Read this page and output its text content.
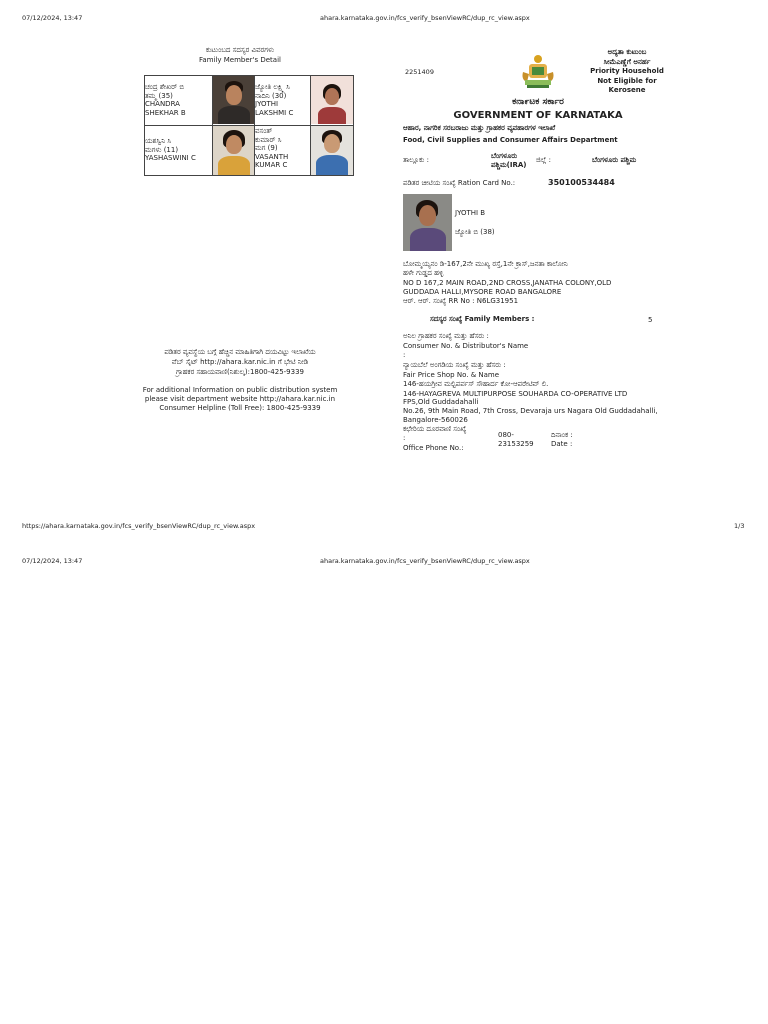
07/12/2024, 13:47	ahara.karnataka.gov.in/fcs_verify_bsenViewRC/dup_rc_view.aspx
ಕುಟುಂಬದ ಸದಸ್ಯರ ವಿವರಗಳು
Family Member's Detail
ಚಂದ್ರ ಶೇಖರ್ ಬಿ
ತಮ್ಮ (35)
CHANDRA
SHEKHAR B
ಜ್ಯೋತಿ ಲಕ್ಷ್ಮಿ ಸಿ
ನಾದಿನಿ (30)
JYOTHI
LAKSHMI C
ಯಶಸ್ವಿನಿ ಸಿ
ಮಗಳು (11)
YASHASWINI C
ವಸಂತ್
ಕುಮಾರ್ ಸಿ
ಮಗ (9)
VASANTH
KUMAR C
ಪಡಿತರ ವ್ಯವಸ್ಥೆಯ ಬಗ್ಗೆ ಹೆಚ್ಚಿನ ಮಾಹಿತಿಗಾಗಿ ದಯವಿಟ್ಟು ಇಲಾಖೆಯ
ವೆಬ್ ಸೈಟ್ http://ahara.kar.nic.in ಗೆ ಭೇಟಿ ನೀಡಿ
ಗ್ರಾಹಕರ ಸಹಾಯವಾಣಿ(ನಿಶುಲ್ಕ):1800-425-9339
For additional Information on public distribution system
please visit department website http://ahara.kar.nic.in
Consumer Helpline (Toll Free): 1800-425-9339
2251409
ಅದ್ಯತಾ ಕುಟುಂಬ
ಸೀಮೆಎಣ್ಣೆಗೆ ಅನರ್ಹ
Priority Household
Not Eligible for
Kerosene
ಕನಾ೯ಟಕ ಸರ್ಕಾರ
GOVERNMENT OF KARNATAKA
ಆಹಾರ, ನಾಗರಿಕ ಸರಬರಾಜು ಮತ್ತು ಗ್ರಾಹಕರ ವ್ಯವಹಾರಗಳ ಇಲಾಖೆ
Food, Civil Supplies and Consumer Affairs Department
ತಾಲ್ಲೂಕು :	ಬೆಂಗಳೂರು
ಪಶ್ಚಿಮ(IRA)
ಜಿಲ್ಲೆ :	ಬೆಂಗಳೂರು ಪಶ್ಚಿಮ
ಪಡಿತರ ಚೀಟಿಯ ಸಂಖ್ಯೆ Ration Card No.:	350100534484
JYOTHI B
ಜ್ಯೋತಿ ಬಿ (38)
ಬೋಮ್ಮಯ್ಯನಂ ಡಿ-167,2ನೇ ಮುಖ್ಯ ರಸ್ತೆ,1ನೇ ಕ್ರಾಸ್,ಜನತಾ ಕಾಲೋನಿ
ಹಳೇ ಗುಡ್ಡದ ಹಳ್ಳಿ
NO D 167,2 MAIN ROAD,2ND CROSS,JANATHA COLONY,OLD
GUDDADA HALLI,MYSORE ROAD BANGALORE
ಆರ್. ಆರ್. ಸಂಖ್ಯೆ RR No : N6LG31951
ಸದಸ್ಯರ ಸಂಖ್ಯೆ Family Members :	5
ಅನಿಲ ಗ್ರಾಹಕರ ಸಂಖ್ಯೆ ಮತ್ತು ಹೆಸರು :
Consumer No. & Distributor's Name
:
ನ್ಯಾಯಬೆಲೆ ಅಂಗಡಿಯ ಸಂಖ್ಯೆ ಮತ್ತು ಹೆಸರು :
Fair Price Shop No. & Name
146-ಹಯಗ್ರೀವ ಮಲ್ಟಿಪರ್ಪಸ್ ಸೌಹಾರ್ದ ಕೋ-ಆಪರೇಟಿವ್ ಲಿ.
146-HAYAGREVA MULTIPURPOSE SOUHARDA CO-OPERATIVE LTD
FPS,Old Guddadahalli
No.26, 9th Main Road, 7th Cross, Devaraja urs Nagara Old Guddadahalli,
Bangalore-560026
ಕಛೇರಿಯ ದೂರವಾಣಿ ಸಂಖ್ಯೆ
:
Office Phone No.:
080-
23153259
ದಿನಾಂಕ :
Date :
https://ahara.karnataka.gov.in/fcs_verify_bsenViewRC/dup_rc_view.aspx	1/3
07/12/2024, 13:47	ahara.karnataka.gov.in/fcs_verify_bsenViewRC/dup_rc_view.aspx
